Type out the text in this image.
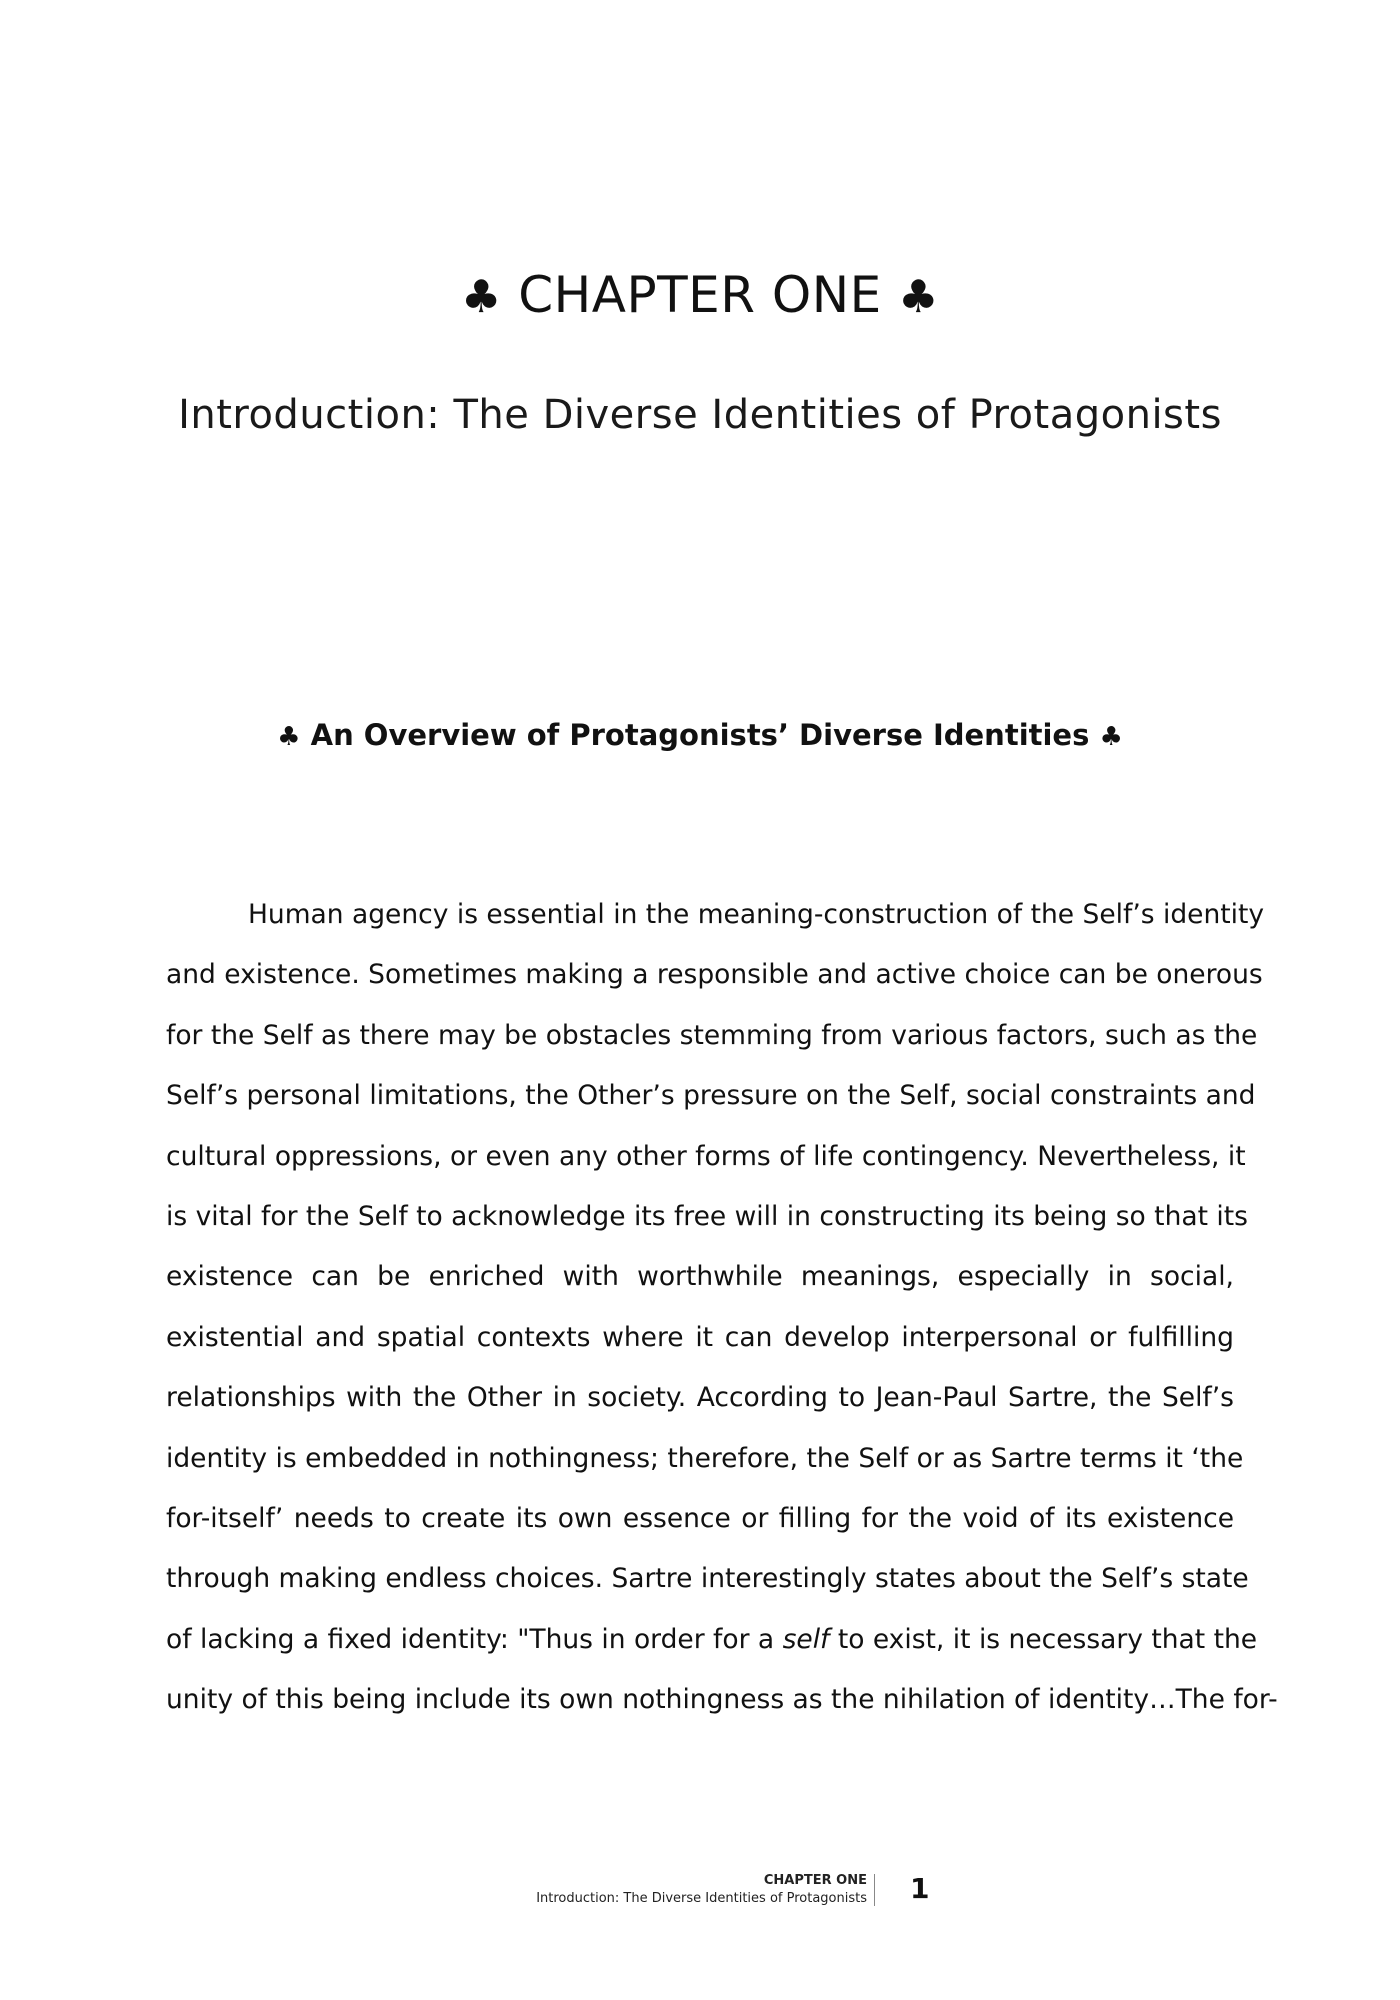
♣ CHAPTER ONE ♣
Introduction: The Diverse Identities of Protagonists
♣ An Overview of Protagonists’ Diverse Identities ♣
Human agency is essential in the meaning-construction of the Self’s identity
and existence. Sometimes making a responsible and active choice can be onerous
for the Self as there may be obstacles stemming from various factors, such as the
Self’s personal limitations, the Other’s pressure on the Self, social constraints and
cultural oppressions, or even any other forms of life contingency. Nevertheless, it
is vital for the Self to acknowledge its free will in constructing its being so that its
existence can be enriched with worthwhile meanings, especially in social,
existential and spatial contexts where it can develop interpersonal or fulfilling
relationships with the Other in society. According to Jean-Paul Sartre, the Self’s
identity is embedded in nothingness; therefore, the Self or as Sartre terms it ‘the
for-itself’ needs to create its own essence or filling for the void of its existence
through making endless choices. Sartre interestingly states about the Self’s state
of lacking a fixed identity: "Thus in order for a self to exist, it is necessary that the
unity of this being include its own nothingness as the nihilation of identity…The for-
CHAPTER ONE
Introduction: The Diverse Identities of Protagonists 1
